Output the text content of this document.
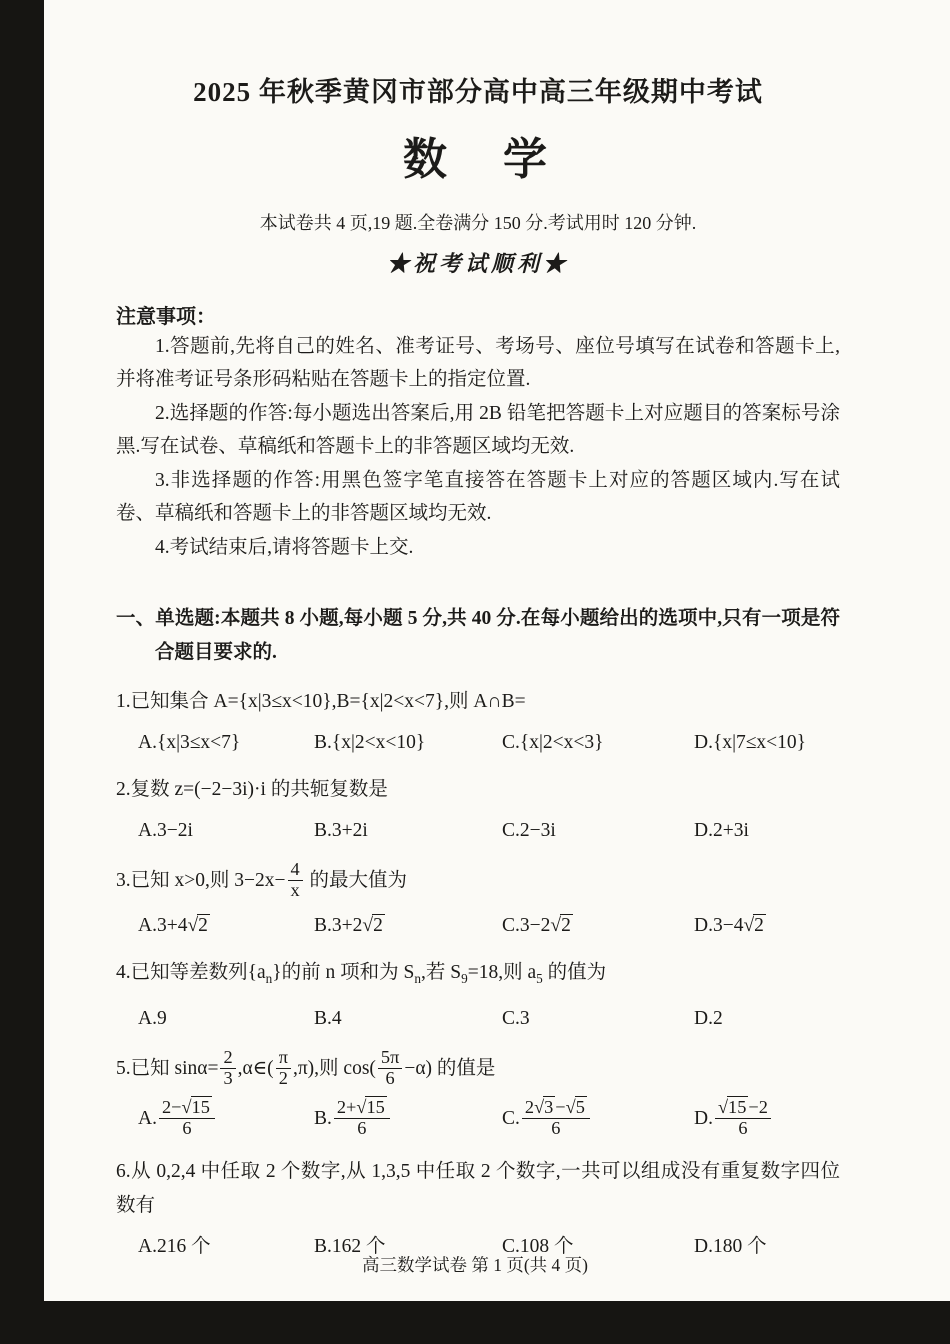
2025 年秋季黄冈市部分高中高三年级期中考试
数　学
本试卷共 4 页,19 题.全卷满分 150 分.考试用时 120 分钟.
★祝考试顺利★
注意事项：
1.答题前,先将自己的姓名、准考证号、考场号、座位号填写在试卷和答题卡上,并将准考证号条形码粘贴在答题卡上的指定位置.
2.选择题的作答:每小题选出答案后,用 2B 铅笔把答题卡上对应题目的答案标号涂黑.写在试卷、草稿纸和答题卡上的非答题区域均无效.
3.非选择题的作答:用黑色签字笔直接答在答题卡上对应的答题区域内.写在试卷、草稿纸和答题卡上的非答题区域均无效.
4.考试结束后,请将答题卡上交.
一、单选题:本题共 8 小题,每小题 5 分,共 40 分.在每小题给出的选项中,只有一项是符合题目要求的.
1.已知集合 A={x|3≤x<10},B={x|2<x<7},则 A∩B=
A.{x|3≤x<7}	B.{x|2<x<10}	C.{x|2<x<3}	D.{x|7≤x<10}
2.复数 z=(−2−3i)·i 的共轭复数是
A.3−2i	B.3+2i	C.2−3i	D.2+3i
3.已知 x>0,则 $3-2x- \frac{4}{x}$ 的最大值为
A.3+4√2	B.3+2√2	C.3−2√2	D.3−4√2
4.已知等差数列$\{a_n\}$的前 n 项和为 $S_n$,若 $S_9=18$,则 $a_5$ 的值为
A.9	B.4	C.3	D.2
5.已知 $\sin\alpha= \frac{2}{3}$ ,α∈( $\frac{\pi}{2} ,\pi$),则 $\cos( \frac{5\pi}{6} -\alpha)$ 的值是
A. $\frac{2-√15}{6}$	B. $\frac{2+√15}{6}$	C. $\frac{2√3 -√5}{6}$	D. $\frac{√15 -2}{6}$
6.从 0,2,4 中任取 2 个数字,从 1,3,5 中任取 2 个数字,一共可以组成没有重复数字四位数有
A.216 个	B.162 个	C.108 个	D.180 个
高三数学试卷 第 1 页(共 4 页)
